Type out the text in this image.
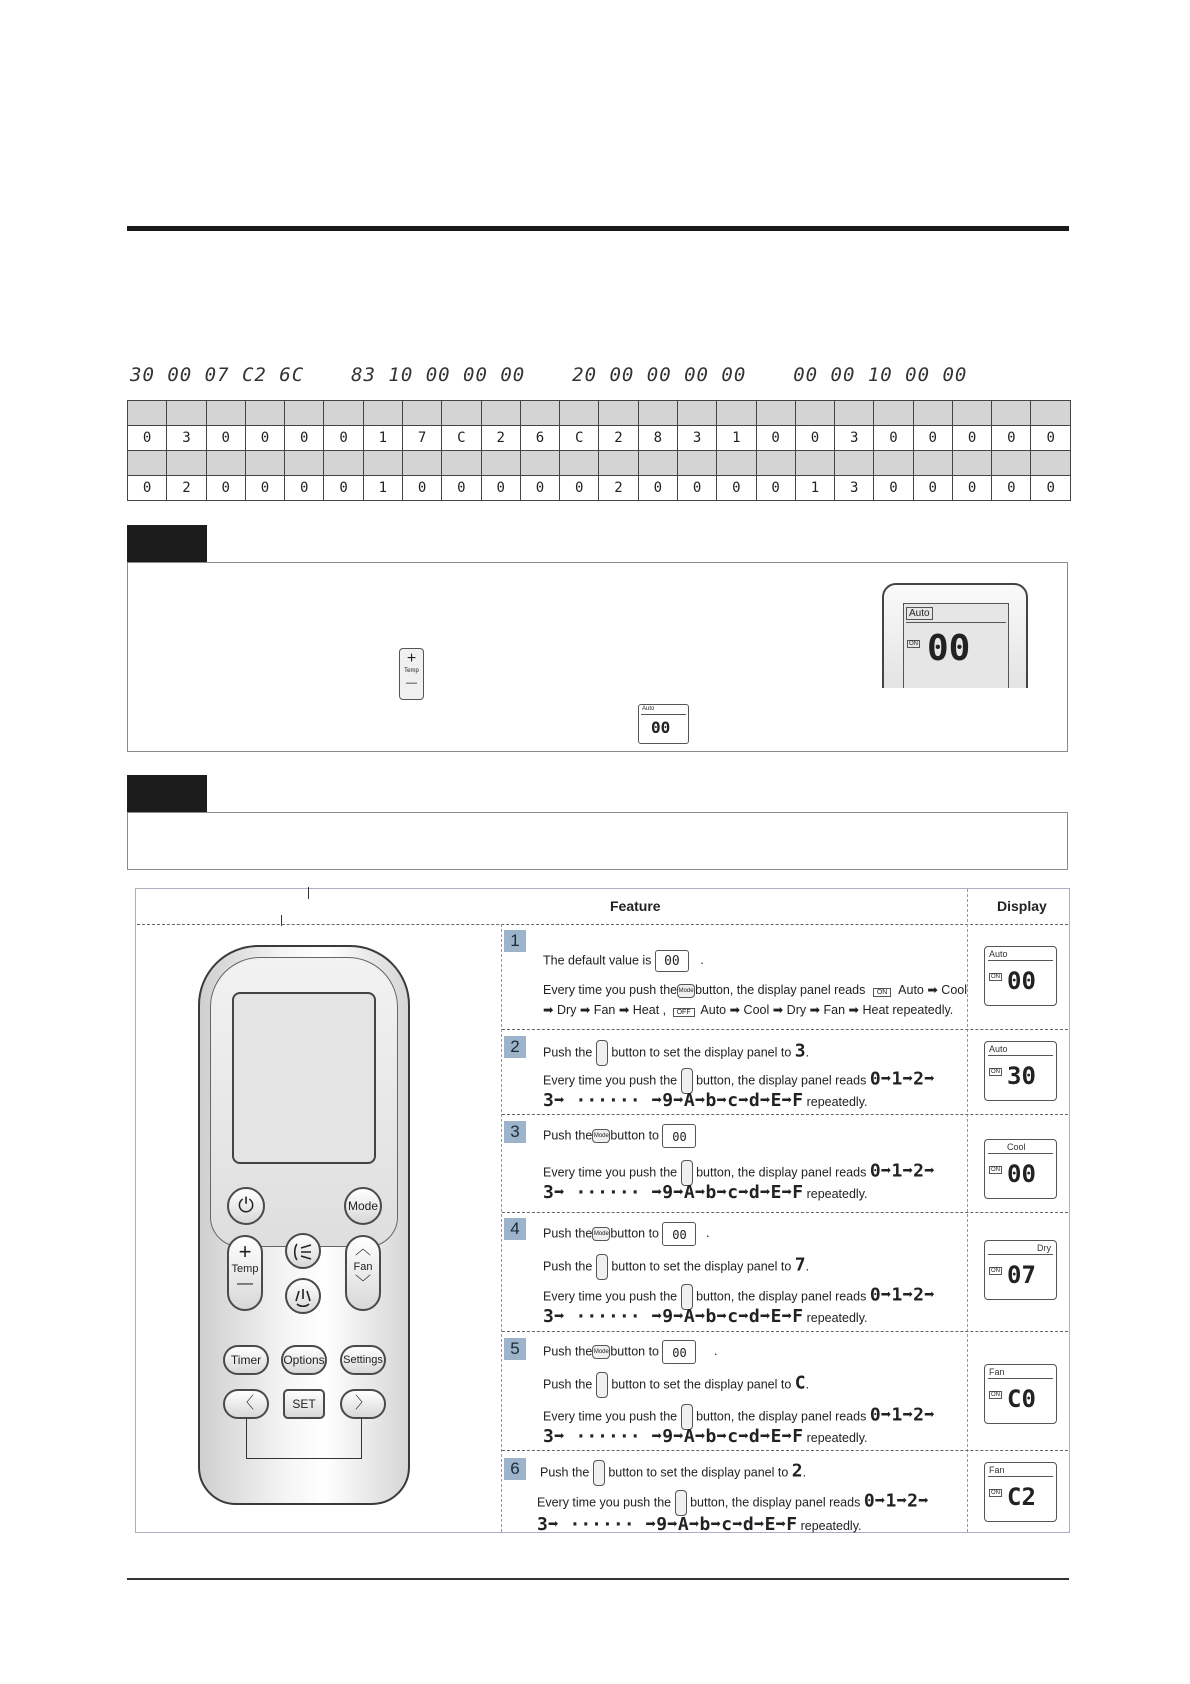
30 00 07 C2 6C 83 10 00 00 00 20 00 00 00 00 00 00 10 00 00

0	3	0	0	0	0	1	7	C	2	6	C	2	8	3	1	0	0	3	0	0	0	0	0

0	2	0	0	0	0	1	0	0	0	0	0	2	0	0	0	0	1	3	0	0	0	0	0
+
Temp
—
Auto
00
Auto
ON 00
Feature	Display
⏻	Mode
+
Temp
—
︿
Fan
﹀
Timer	Options Settings
〈	SET	〉
1
The default value is 00 .
Every time you push theMode button, the display panel reads ON Auto ➡ Cool
➡ Dry ➡ Fan ➡ Heat , OFF Auto ➡ Cool ➡ Dry ➡ Fan ➡ Heat repeatedly.
Auto
ON 00
2	Push the button to set the display panel to 3.
Every time you push the button, the display panel reads 0➡1➡2➡
3➡ ······ ➡9➡A➡b➡c➡d➡E➡F repeatedly.
Auto
ON 30
3	Push theMode button to 00
Every time you push the button, the display panel reads 0➡1➡2➡
3➡ ······ ➡9➡A➡b➡c➡d➡E➡F repeatedly.
Cool
ON 00
4	Push theMode button to 00 .
Push the button to set the display panel to 7.
Every time you push the button, the display panel reads 0➡1➡2➡
3➡ ······ ➡9➡A➡b➡c➡d➡E➡F repeatedly.
Dry
ON 07
5	Push theMode button to 00 .
Push the button to set the display panel to C.
Every time you push the button, the display panel reads 0➡1➡2➡
3➡ ······ ➡9➡A➡b➡c➡d➡E➡F repeatedly.
Fan
ON C0
6	Push the button to set the display panel to 2.
Every time you push the button, the display panel reads 0➡1➡2➡
3➡ ······ ➡9➡A➡b➡c➡d➡E➡F repeatedly.
Fan
ON C2
